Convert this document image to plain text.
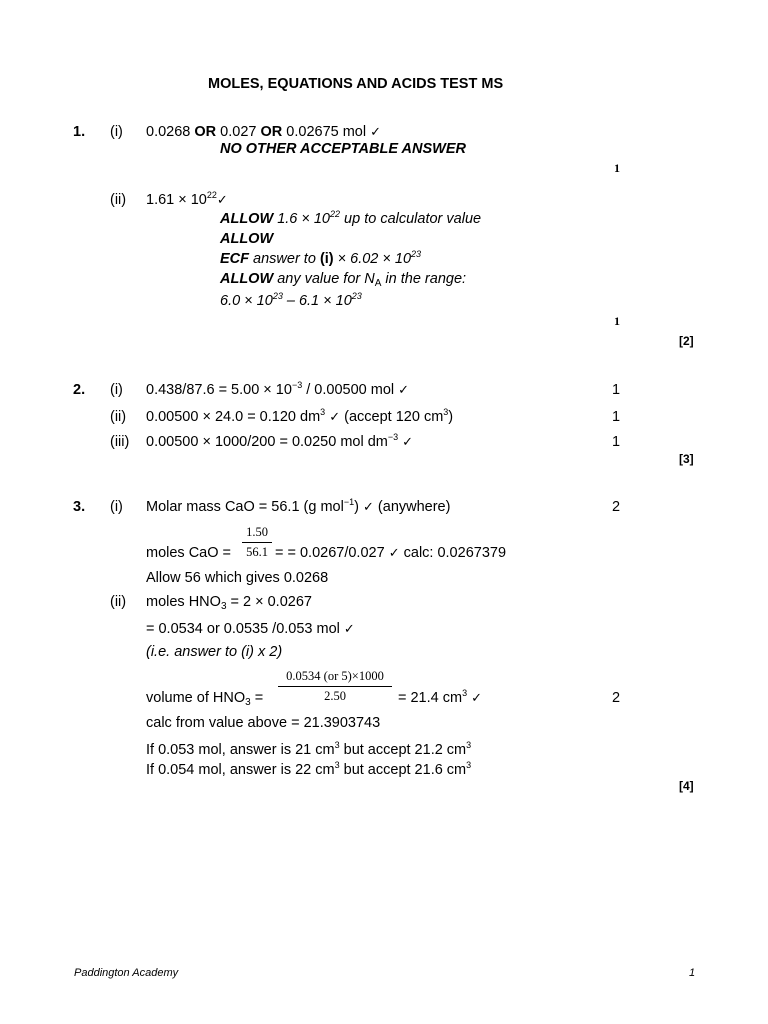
MOLES, EQUATIONS AND ACIDS TEST MS
1. (i) 0.0268 OR 0.027 OR 0.02675 mol ✓
NO OTHER ACCEPTABLE ANSWER
1
(ii) $1.61 \times 10^{22}✓$
ALLOW $1.6 \times 10^{22}$ up to calculator value
ALLOW
ECF answer to $(i) \times 6.02 \times 10^{23}$
ALLOW any value for $N_A$ in the range:
$6.0 \times 10^{23} - 6.1 \times 10^{23}$
1
[2]
2. (i) $0.438/87.6 = 5.00 \times 10^{-3} / 0.00500$ mol ✓	1
(ii) 0.00500 × 24.0 = 0.120 $dm^3$ ✓ (accept 120 $cm^3$)	1
(iii) 0.00500 × 1000/200 = 0.0250 mol $dm^{-3}$ ✓	1
[3]
3. (i) Molar mass CaO = 56.1 (g mol$^{-1}$) ✓ (anywhere)	2
1.50
56.1
moles CaO =	= = 0.0267/0.027 ✓ calc: 0.0267379
Allow 56 which gives 0.0268
(ii) moles $HNO_3 = 2 \times 0.0267$
= 0.0534 or 0.0535 /0.053 mol ✓
(i.e. answer to (i) x 2)
0.0534 (or 5)×1000
2.50
volume of $HNO_3$ =	= 21.4 $cm^3$ ✓	2
calc from value above = 21.3903743
If 0.053 mol, answer is 21 $cm^3$ but accept 21.2 $cm^3$
If 0.054 mol, answer is 22 $cm^3$ but accept 21.6 $cm^3$
[4]
Paddington Academy	1
